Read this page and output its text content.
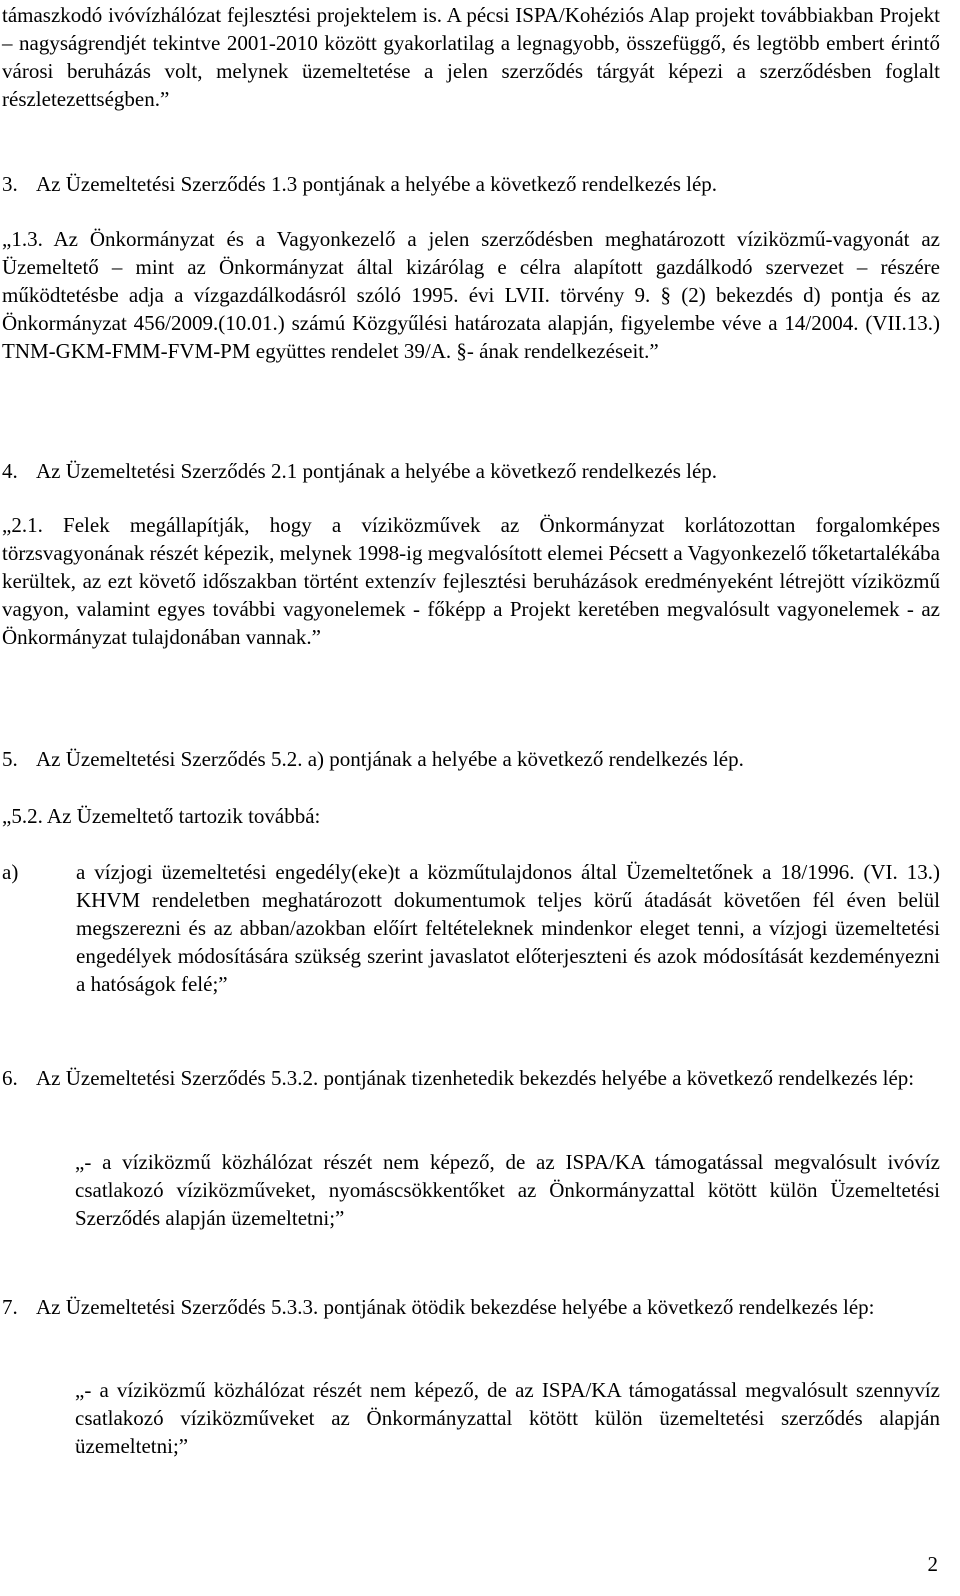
támaszkodó ivóvízhálózat fejlesztési projektelem is. A pécsi ISPA/Kohéziós Alap projekt továbbiakban Projekt – nagyságrendjét tekintve 2001-2010 között gyakorlatilag a legnagyobb, összefüggő, és legtöbb embert érintő városi beruházás volt, melynek üzemeltetése a jelen szerződés tárgyát képezi a szerződésben foglalt részletezettségben.”

3. Az Üzemeltetési Szerződés 1.3 pontjának a helyébe a következő rendelkezés lép.

„1.3. Az Önkormányzat és a Vagyonkezelő a jelen szerződésben meghatározott víziközmű-vagyonát az Üzemeltető – mint az Önkormányzat által kizárólag e célra alapított gazdálkodó szervezet – részére működtetésbe adja a vízgazdálkodásról szóló 1995. évi LVII. törvény 9. § (2) bekezdés d) pontja és az Önkormányzat 456/2009.(10.01.) számú Közgyűlési határozata alapján, figyelembe véve a 14/2004. (VII.13.) TNM-GKM-FMM-FVM-PM együttes rendelet 39/A. §- ának rendelkezéseit.”

4. Az Üzemeltetési Szerződés 2.1 pontjának a helyébe a következő rendelkezés lép.

„2.1. Felek megállapítják, hogy a víziközművek az Önkormányzat korlátozottan forgalomképes törzsvagyonának részét képezik, melynek 1998-ig megvalósított elemei Pécsett a Vagyonkezelő tőketartalékába kerültek, az ezt követő időszakban történt extenzív fejlesztési beruházások eredményeként létrejött víziközmű vagyon, valamint egyes további vagyonelemek - főképp a Projekt keretében megvalósult vagyonelemek - az Önkormányzat tulajdonában vannak.”

5. Az Üzemeltetési Szerződés 5.2. a) pontjának a helyébe a következő rendelkezés lép.

„5.2. Az Üzemeltető tartozik továbbá:

a)	a vízjogi üzemeltetési engedély(eke)t a közműtulajdonos által Üzemeltetőnek a 18/1996. (VI. 13.) KHVM rendeletben meghatározott dokumentumok teljes körű átadását követően fél éven belül megszerezni és az abban/azokban előírt feltételeknek mindenkor eleget tenni, a vízjogi üzemeltetési engedélyek módosítására szükség szerint javaslatot előterjeszteni és azok módosítását kezdeményezni a hatóságok felé;”
6. Az Üzemeltetési Szerződés 5.3.2. pontjának tizenhetedik bekezdés helyébe a következő rendelkezés lép:

„- a víziközmű közhálózat részét nem képező, de az ISPA/KA támogatással megvalósult ivóvíz csatlakozó víziközműveket, nyomáscsökkentőket az Önkormányzattal kötött külön Üzemeltetési Szerződés alapján üzemeltetni;”

7. Az Üzemeltetési Szerződés 5.3.3. pontjának ötödik bekezdése helyébe a következő rendelkezés lép:

„- a víziközmű közhálózat részét nem képező, de az ISPA/KA támogatással megvalósult szennyvíz csatlakozó víziközműveket az Önkormányzattal kötött külön üzemeltetési szerződés alapján üzemeltetni;”

2
